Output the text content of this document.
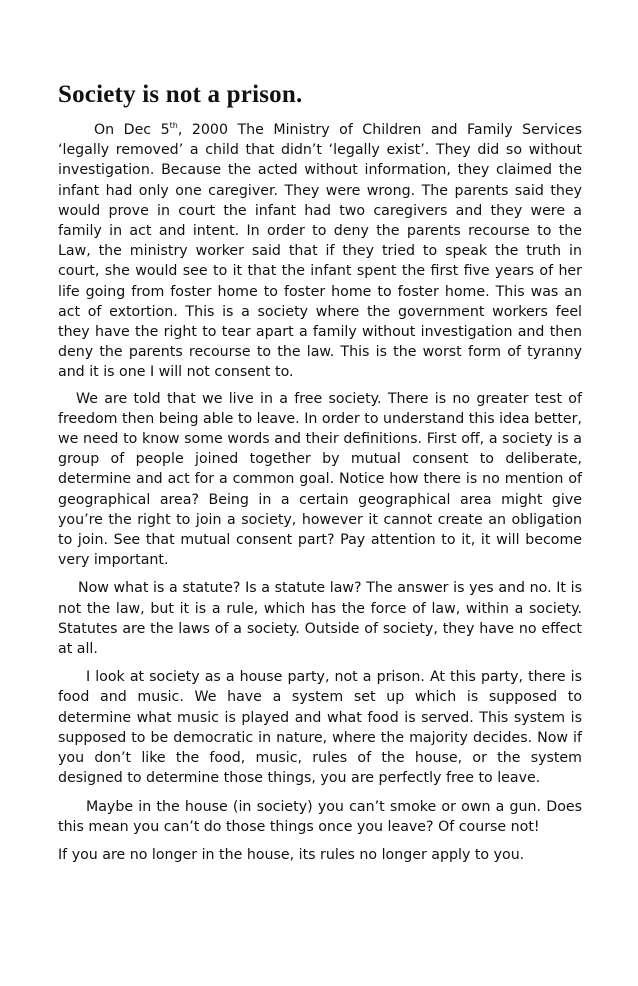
Society is not a prison.

On Dec 5th, 2000 The Ministry of Children and Family Services ‘legally removed’ a child that didn’t ‘legally exist’. They did so without investigation. Because the acted without information, they claimed the infant had only one caregiver. They were wrong. The parents said they would prove in court the infant had two caregivers and they were a family in act and intent. In order to deny the parents recourse to the Law, the ministry worker said that if they tried to speak the truth in court, she would see to it that the infant spent the first five years of her life going from foster home to foster home to foster home. This was an act of extortion. This is a society where the government workers feel they have the right to tear apart a family without investigation and then deny the parents recourse to the law. This is the worst form of tyranny and it is one I will not consent to.

We are told that we live in a free society. There is no greater test of freedom then being able to leave. In order to understand this idea better, we need to know some words and their definitions. First off, a society is a group of people joined together by mutual consent to deliberate, determine and act for a common goal. Notice how there is no mention of geographical area? Being in a certain geographical area might give you’re the right to join a society, however it cannot create an obligation to join. See that mutual consent part? Pay attention to it, it will become very important.

Now what is a statute? Is a statute law? The answer is yes and no. It is not the law, but it is a rule, which has the force of law, within a society. Statutes are the laws of a society. Outside of society, they have no effect at all.

I look at society as a house party, not a prison. At this party, there is food and music. We have a system set up which is supposed to determine what music is played and what food is served. This system is supposed to be democratic in nature, where the majority decides. Now if you don’t like the food, music, rules of the house, or the system designed to determine those things, you are perfectly free to leave.

Maybe in the house (in society) you can’t smoke or own a gun. Does this mean you can’t do those things once you leave? Of course not!

If you are no longer in the house, its rules no longer apply to you.
